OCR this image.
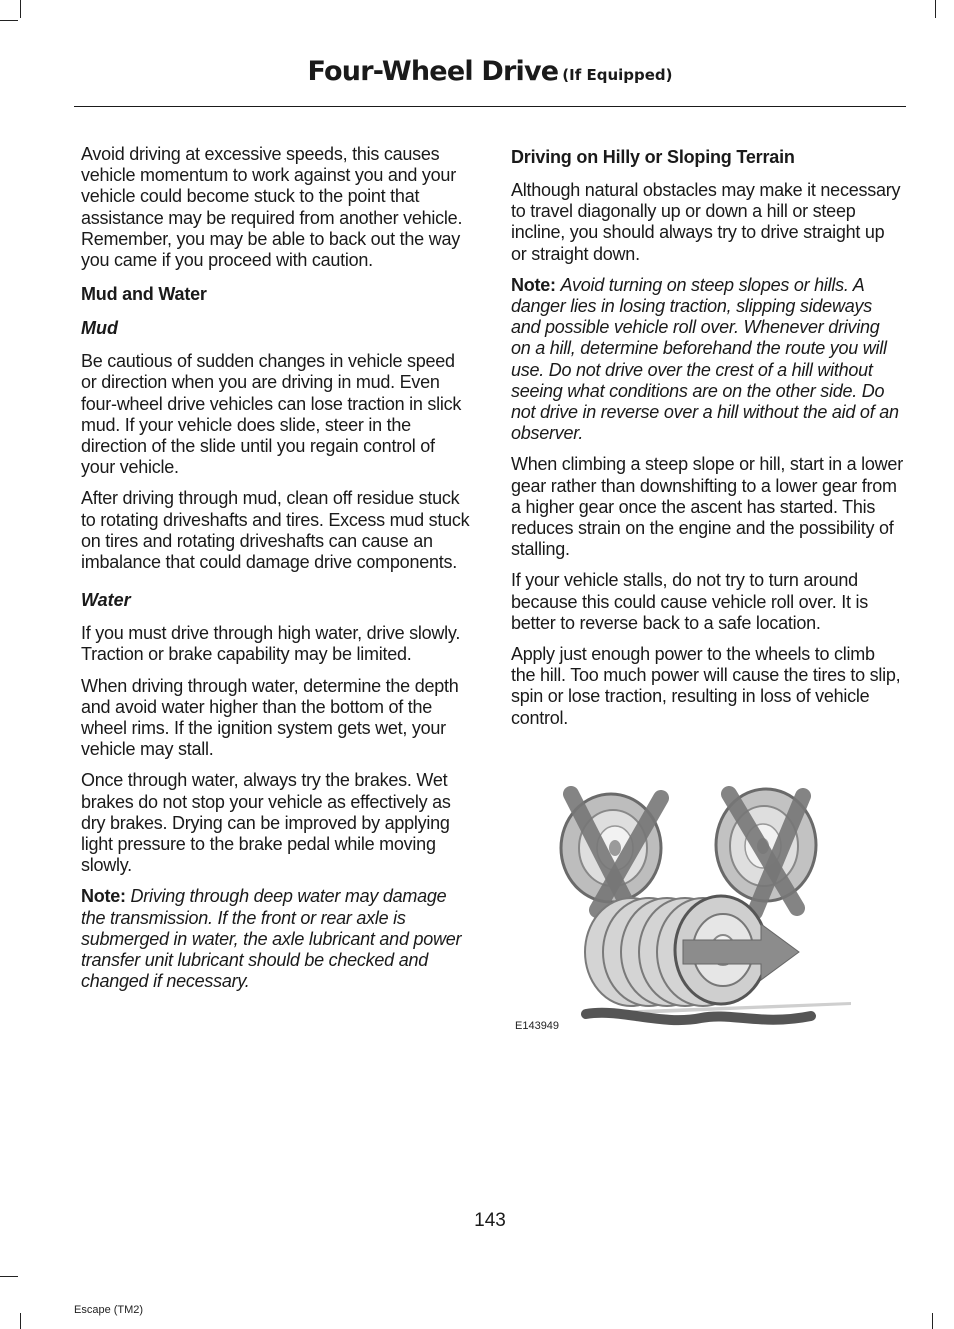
Four-Wheel Drive (If Equipped)

Avoid driving at excessive speeds, this causes vehicle momentum to work against you and your vehicle could become stuck to the point that assistance may be required from another vehicle. Remember, you may be able to back out the way you came if you proceed with caution.

Mud and Water
Mud

Be cautious of sudden changes in vehicle speed or direction when you are driving in mud. Even four-wheel drive vehicles can lose traction in slick mud. If your vehicle does slide, steer in the direction of the slide until you regain control of your vehicle.

After driving through mud, clean off residue stuck to rotating driveshafts and tires. Excess mud stuck on tires and rotating driveshafts can cause an imbalance that could damage drive components.

Water

If you must drive through high water, drive slowly. Traction or brake capability may be limited.

When driving through water, determine the depth and avoid water higher than the bottom of the wheel rims. If the ignition system gets wet, your vehicle may stall.

Once through water, always try the brakes. Wet brakes do not stop your vehicle as effectively as dry brakes. Drying can be improved by applying light pressure to the brake pedal while moving slowly.

Note: Driving through deep water may damage the transmission. If the front or rear axle is submerged in water, the axle lubricant and power transfer unit lubricant should be checked and changed if necessary.

Driving on Hilly or Sloping Terrain

Although natural obstacles may make it necessary to travel diagonally up or down a hill or steep incline, you should always try to drive straight up or straight down.

Note: Avoid turning on steep slopes or hills. A danger lies in losing traction, slipping sideways and possible vehicle roll over. Whenever driving on a hill, determine beforehand the route you will use. Do not drive over the crest of a hill without seeing what conditions are on the other side. Do not drive in reverse over a hill without the aid of an observer.

When climbing a steep slope or hill, start in a lower gear rather than downshifting to a lower gear from a higher gear once the ascent has started. This reduces strain on the engine and the possibility of stalling.

If your vehicle stalls, do not try to turn around because this could cause vehicle roll over. It is better to reverse back to a safe location.

Apply just enough power to the wheels to climb the hill. Too much power will cause the tires to slip, spin or lose traction, resulting in loss of vehicle control.

E143949
143
Escape (TM2)
